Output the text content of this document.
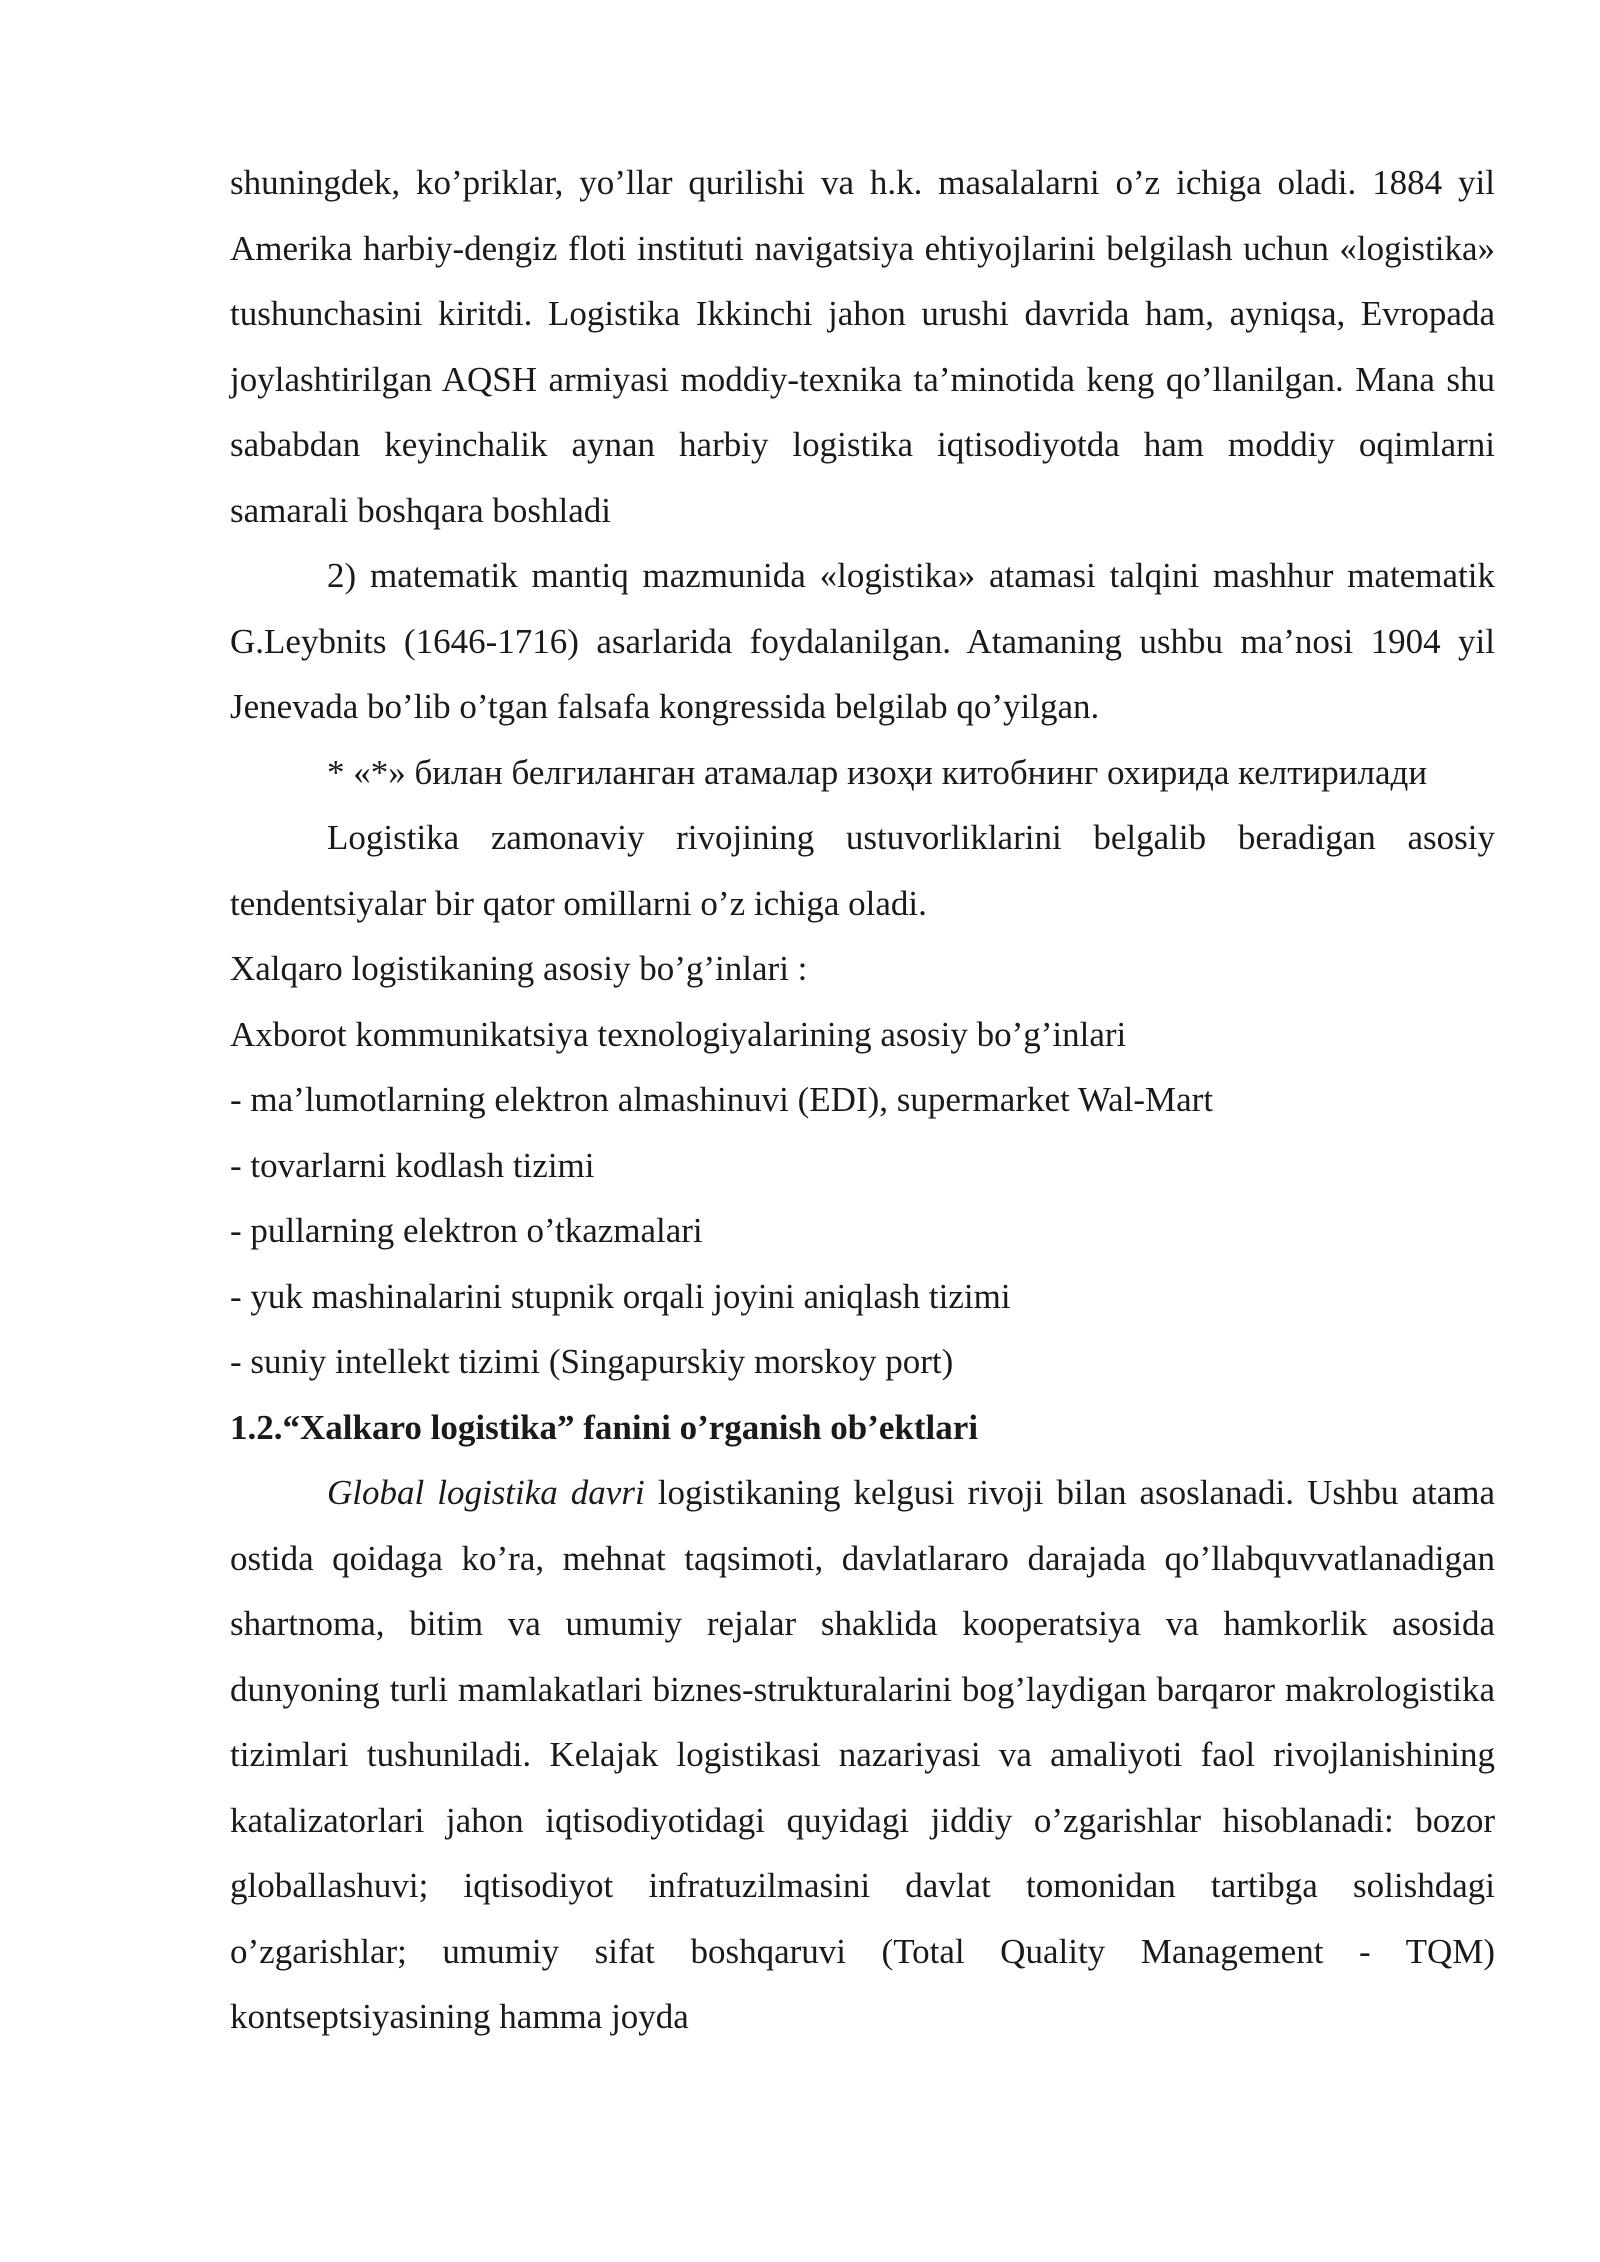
shuningdek, ko’priklar, yo’llar qurilishi va h.k. masalalarni o’z ichiga oladi. 1884 yil Amerika harbiy-dengiz floti instituti navigatsiya ehtiyojlarini belgilash uchun «logistika» tushunchasini kiritdi. Logistika Ikkinchi jahon urushi davrida ham, ayniqsa, Evropada joylashtirilgan AQSH armiyasi moddiy-texnika ta’minotida keng qo’llanilgan. Mana shu sababdan keyinchalik aynan harbiy logistika iqtisodiyotda ham moddiy oqimlarni samarali boshqara boshladi

2) matematik mantiq mazmunida «logistika» atamasi talqini mashhur matematik G.Leybnits (1646-1716) asarlarida foydalanilgan. Atamaning ushbu ma’nosi 1904 yil Jenevada bo’lib o’tgan falsafa kongressida belgilab qo’yilgan.

* «*» билан белгиланган атамалар изоҳи китобнинг охирида келтирилади

Logistika zamonaviy rivojining ustuvorliklarini belgalib beradigan asosiy tendentsiyalar bir qator omillarni o’z ichiga oladi.

Xalqaro logistikaning asosiy bo’g’inlari :

Axborot kommunikatsiya texnologiyalarining asosiy bo’g’inlari

- ma’lumotlarning elektron almashinuvi (EDI), supermarket Wal-Mart

- tovarlarni kodlash tizimi

- pullarning elektron o’tkazmalari

- yuk mashinalarini stupnik orqali joyini aniqlash tizimi

- suniy intellekt tizimi (Singapurskiy morskoy port)

1.2.“Xalkaro logistika” fanini o’rganish ob’ektlari

Global logistika davri logistikaning kelgusi rivoji bilan asoslanadi. Ushbu atama ostida qoidaga ko’ra, mehnat taqsimoti, davlatlararo darajada qo’llabquvvatlanadigan shartnoma, bitim va umumiy rejalar shaklida kooperatsiya va hamkorlik asosida dunyoning turli mamlakatlari biznes-strukturalarini bog’laydigan barqaror makrologistika tizimlari tushuniladi. Kelajak logistikasi nazariyasi va amaliyoti faol rivojlanishining katalizatorlari jahon iqtisodiyotidagi quyidagi jiddiy o’zgarishlar hisoblanadi: bozor globallashuvi; iqtisodiyot infratuzilmasini davlat tomonidan tartibga solishdagi o’zgarishlar; umumiy sifat boshqaruvi (Total Quality Management - TQM) kontseptsiyasining hamma joyda
